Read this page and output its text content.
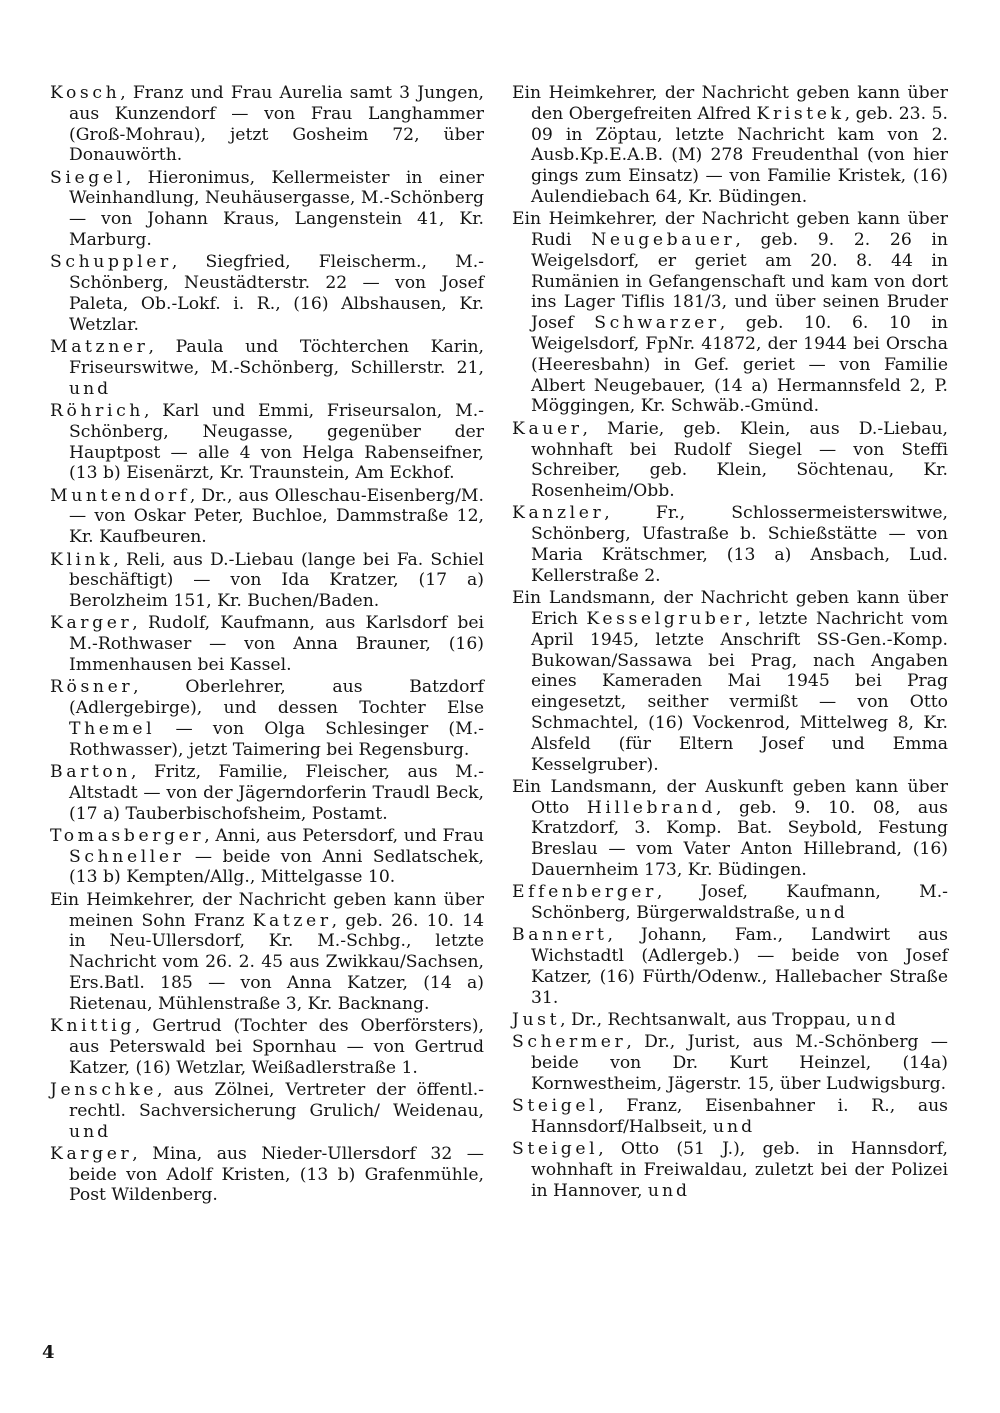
Kosch, Franz und Frau Aurelia samt 3 Jungen, aus Kunzendorf — von Frau Langhammer (Groß-Mohrau), jetzt Gosheim 72, über Donauwörth.

Siegel, Hieronimus, Kellermeister in einer Weinhandlung, Neuhäusergasse, M.-Schönberg — von Johann Kraus, Langenstein 41, Kr. Marburg.

Schuppler, Siegfried, Fleischerm., M.-Schönberg, Neustädterstr. 22 — von Josef Paleta, Ob.-Lokf. i. R., (16) Albshausen, Kr. Wetzlar.

Matzner, Paula und Töchterchen Karin, Friseurswitwe, M.-Schönberg, Schillerstr. 21, und

Röhrich, Karl und Emmi, Friseursalon, M.-Schönberg, Neugasse, gegenüber der Hauptpost — alle 4 von Helga Rabenseifner, (13 b) Eisenärzt, Kr. Traunstein, Am Eckhof.

Muntendorf, Dr., aus Olleschau-Eisenberg/M. — von Oskar Peter, Buchloe, Dammstraße 12, Kr. Kaufbeuren.

Klink, Reli, aus D.-Liebau (lange bei Fa. Schiel beschäftigt) — von Ida Kratzer, (17 a) Berolzheim 151, Kr. Buchen/Baden.

Karger, Rudolf, Kaufmann, aus Karlsdorf bei M.-Rothwaser — von Anna Brauner, (16) Immenhausen bei Kassel.

Rösner, Oberlehrer, aus Batzdorf (Adlergebirge), und dessen Tochter Else Themel — von Olga Schlesinger (M.-Rothwasser), jetzt Taimering bei Regensburg.

Barton, Fritz, Familie, Fleischer, aus M.-Altstadt — von der Jägerndorferin Traudl Beck, (17 a) Tauberbischofsheim, Postamt.

Tomasberger, Anni, aus Petersdorf, und Frau Schneller — beide von Anni Sedlatschek, (13 b) Kempten/Allg., Mittelgasse 10.

Ein Heimkehrer, der Nachricht geben kann über meinen Sohn Franz Katzer, geb. 26. 10. 14 in Neu-Ullersdorf, Kr. M.-Schbg., letzte Nachricht vom 26. 2. 45 aus Zwikkau/Sachsen, Ers.Batl. 185 — von Anna Katzer, (14 a) Rietenau, Mühlenstraße 3, Kr. Backnang.

Knittig, Gertrud (Tochter des Oberförsters), aus Peterswald bei Spornhau — von Gertrud Katzer, (16) Wetzlar, Weißadlerstraße 1.

Jenschke, aus Zölnei, Vertreter der öffentl.-rechtl. Sachversicherung Grulich/ Weidenau, und

Karger, Mina, aus Nieder-Ullersdorf 32 — beide von Adolf Kristen, (13 b) Grafenmühle, Post Wildenberg.

Ein Heimkehrer, der Nachricht geben kann über den Obergefreiten Alfred Kristek, geb. 23. 5. 09 in Zöptau, letzte Nachricht kam von 2. Ausb.Kp.E.A.B. (M) 278 Freudenthal (von hier gings zum Einsatz) — von Familie Kristek, (16) Aulendiebach 64, Kr. Büdingen.

Ein Heimkehrer, der Nachricht geben kann über Rudi Neugebauer, geb. 9. 2. 26 in Weigelsdorf, er geriet am 20. 8. 44 in Rumänien in Gefangenschaft und kam von dort ins Lager Tiflis 181/3, und über seinen Bruder Josef Schwarzer, geb. 10. 6. 10 in Weigelsdorf, FpNr. 41872, der 1944 bei Orscha (Heeresbahn) in Gef. geriet — von Familie Albert Neugebauer, (14 a) Hermannsfeld 2, P. Möggingen, Kr. Schwäb.-Gmünd.

Kauer, Marie, geb. Klein, aus D.-Liebau, wohnhaft bei Rudolf Siegel — von Steffi Schreiber, geb. Klein, Söchtenau, Kr. Rosenheim/Obb.

Kanzler, Fr., Schlossermeisterswitwe, Schönberg, Ufastraße b. Schießstätte — von Maria Krätschmer, (13 a) Ansbach, Lud. Kellerstraße 2.

Ein Landsmann, der Nachricht geben kann über Erich Kesselgruber, letzte Nachricht vom April 1945, letzte Anschrift SS-Gen.-Komp. Bukowan/Sassawa bei Prag, nach Angaben eines Kameraden Mai 1945 bei Prag eingesetzt, seither vermißt — von Otto Schmachtel, (16) Vockenrod, Mittelweg 8, Kr. Alsfeld (für Eltern Josef und Emma Kesselgruber).

Ein Landsmann, der Auskunft geben kann über Otto Hillebrand, geb. 9. 10. 08, aus Kratzdorf, 3. Komp. Bat. Seybold, Festung Breslau — vom Vater Anton Hillebrand, (16) Dauernheim 173, Kr. Büdingen.

Effenberger, Josef, Kaufmann, M.-Schönberg, Bürgerwaldstraße, und

Bannert, Johann, Fam., Landwirt aus Wichstadtl (Adlergeb.) — beide von Josef Katzer, (16) Fürth/Odenw., Hallebacher Straße 31.

Just, Dr., Rechtsanwalt, aus Troppau, und

Schermer, Dr., Jurist, aus M.-Schönberg — beide von Dr. Kurt Heinzel, (14a) Kornwestheim, Jägerstr. 15, über Ludwigsburg.

Steigel, Franz, Eisenbahner i. R., aus Hannsdorf/Halbseit, und

Steigel, Otto (51 J.), geb. in Hannsdorf, wohnhaft in Freiwaldau, zuletzt bei der Polizei in Hannover, und

4
